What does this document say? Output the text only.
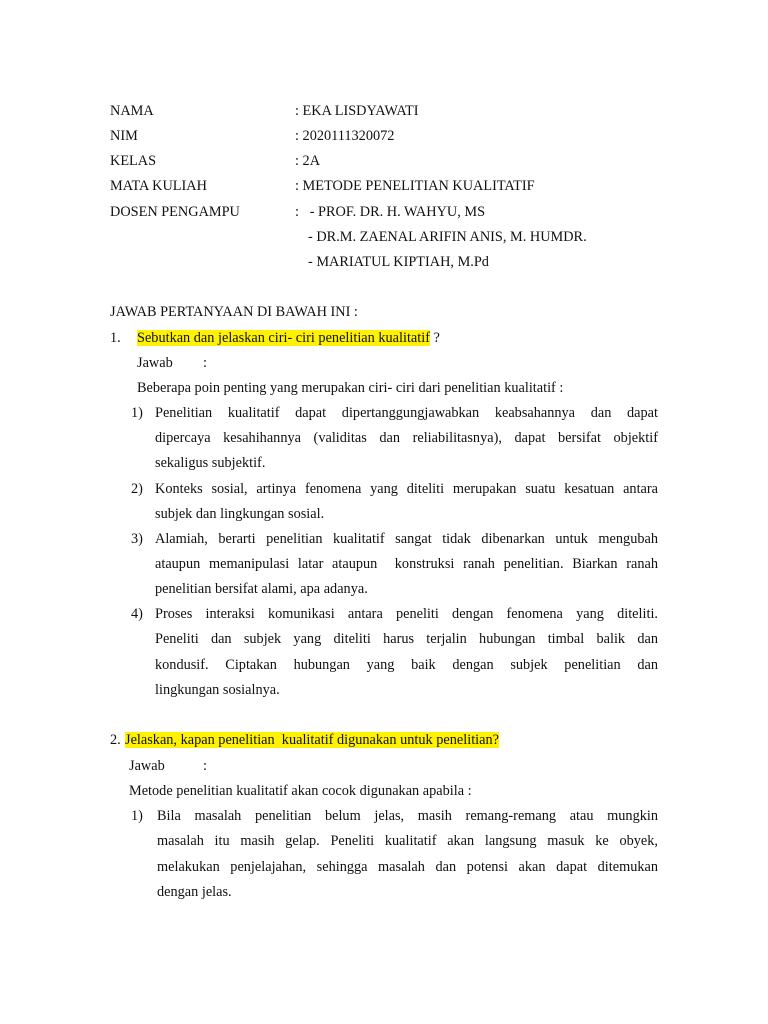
NAMA	: EKA LISDYAWATI
NIM	: 2020111320072
KELAS	: 2A
MATA KULIAH	: METODE PENELITIAN KUALITATIF
DOSEN PENGAMPU	:   - PROF. DR. H. WAHYU, MS
- DR.M. ZAENAL ARIFIN ANIS, M. HUMDR.
- MARIATUL KIPTIAH, M.Pd
JAWAB PERTANYAAN DI BAWAH INI :
1. Sebutkan dan jelaskan ciri- ciri penelitian kualitatif ?
Jawab :
Beberapa poin penting yang merupakan ciri- ciri dari penelitian kualitatif :
1) Penelitian kualitatif dapat dipertanggungjawabkan keabsahannya dan dapat
dipercaya kesahihannya (validitas dan reliabilitasnya), dapat bersifat objektif
sekaligus subjektif.
2) Konteks sosial, artinya fenomena yang diteliti merupakan suatu kesatuan antara
subjek dan lingkungan sosial.
3) Alamiah, berarti penelitian kualitatif sangat tidak dibenarkan untuk mengubah
ataupun memanipulasi latar ataupun  konstruksi ranah penelitian. Biarkan ranah
penelitian bersifat alami, apa adanya.
4) Proses interaksi komunikasi antara peneliti dengan fenomena yang diteliti.
Peneliti dan subjek yang diteliti harus terjalin hubungan timbal balik dan
kondusif. Ciptakan hubungan yang baik dengan subjek penelitian dan
lingkungan sosialnya.
2. Jelaskan, kapan penelitian  kualitatif digunakan untuk penelitian?
Jawab	:
Metode penelitian kualitatif akan cocok digunakan apabila :
1) Bila masalah penelitian belum jelas, masih remang-remang atau mungkin
masalah itu masih gelap. Peneliti kualitatif akan langsung masuk ke obyek,
melakukan penjelajahan, sehingga masalah dan potensi akan dapat ditemukan
dengan jelas.
